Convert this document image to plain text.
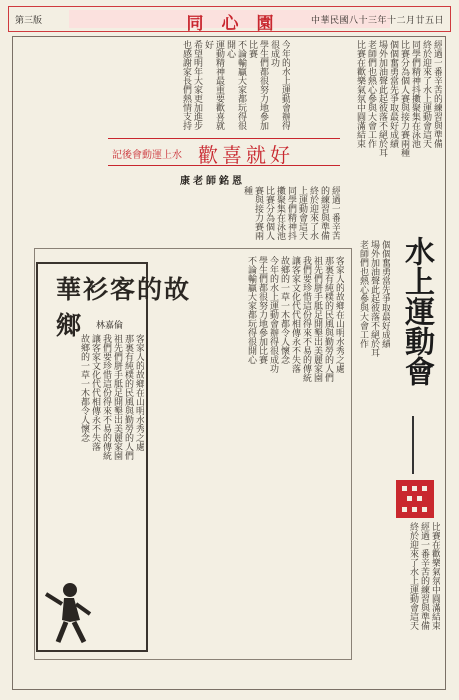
第三版	同心園	中華民國八十三年十二月廿五日
經過一番辛苦的練習與準備
終於迎來了水上運動會這天
同學們精神抖擻聚集在泳池
比賽分為個人賽與接力賽兩種
個個奮勇當先爭取最好成績
場外加油聲此起彼落不絕於耳
老師們也熱心參與大會工作
比賽在歡樂氣氛中圓滿結束
今年的水上運動會辦得很成功
學生們都很努力地參加比賽
不論輸贏大家都玩得很開心
運動精神最重要歡喜就好
希望明年大家更加進步
也感謝家長們熱情支持
記後會動運上水 歡喜就好
康老師銘恩
經過一番辛苦的練習與準備
終於迎來了水上運動會這天
同學們精神抖擻聚集在泳池
比賽分為個人賽與接力賽兩種
水上運動會
個個奮勇當先爭取最好成績
場外加油聲此起彼落不絕於耳
老師們也熱心參與大會工作
比賽在歡樂氣氛中圓滿結束
經過一番辛苦的練習與準備
終於迎來了水上運動會這天
華衫客的故鄉	林嘉倫
客家人的故鄉在山明水秀之處
那裏有純樸的民風與勤勞的人們
祖先們胼手胝足開墾出美麗家園
我們要珍惜這份得來不易的傳統
讓客家文化代代相傳永不失落
故鄉的一草一木都令人懷念
客家人的故鄉在山明水秀之處
那裏有純樸的民風與勤勞的人們
祖先們胼手胝足開墾出美麗家園
我們要珍惜這份得來不易的傳統
讓客家文化代代相傳永不失落
故鄉的一草一木都令人懷念
今年的水上運動會辦得很成功
學生們都很努力地參加比賽
不論輸贏大家都玩得很開心
